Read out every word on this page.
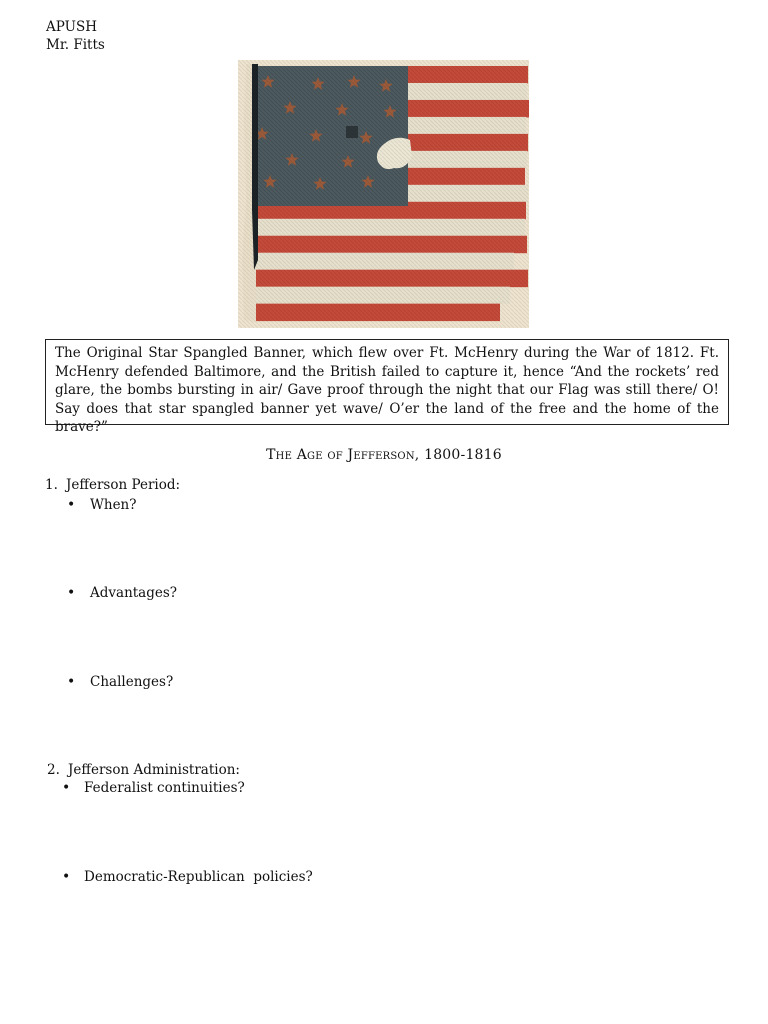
APUSH
Mr. Fitts
The Original Star Spangled Banner, which flew over Ft. McHenry during the War of 1812. Ft. McHenry defended Baltimore, and the British failed to capture it, hence “And the rockets’ red glare, the bombs bursting in air/ Gave proof through the night that our Flag was still there/ O! Say does that star spangled banner yet wave/ O’er the land of the free and the home of the brave?”
The Age of Jefferson, 1800-1816
1. Jefferson Period:
• When?
• Advantages?
• Challenges?
2. Jefferson Administration:
• Federalist continuities?
• Democratic-Republican  policies?
